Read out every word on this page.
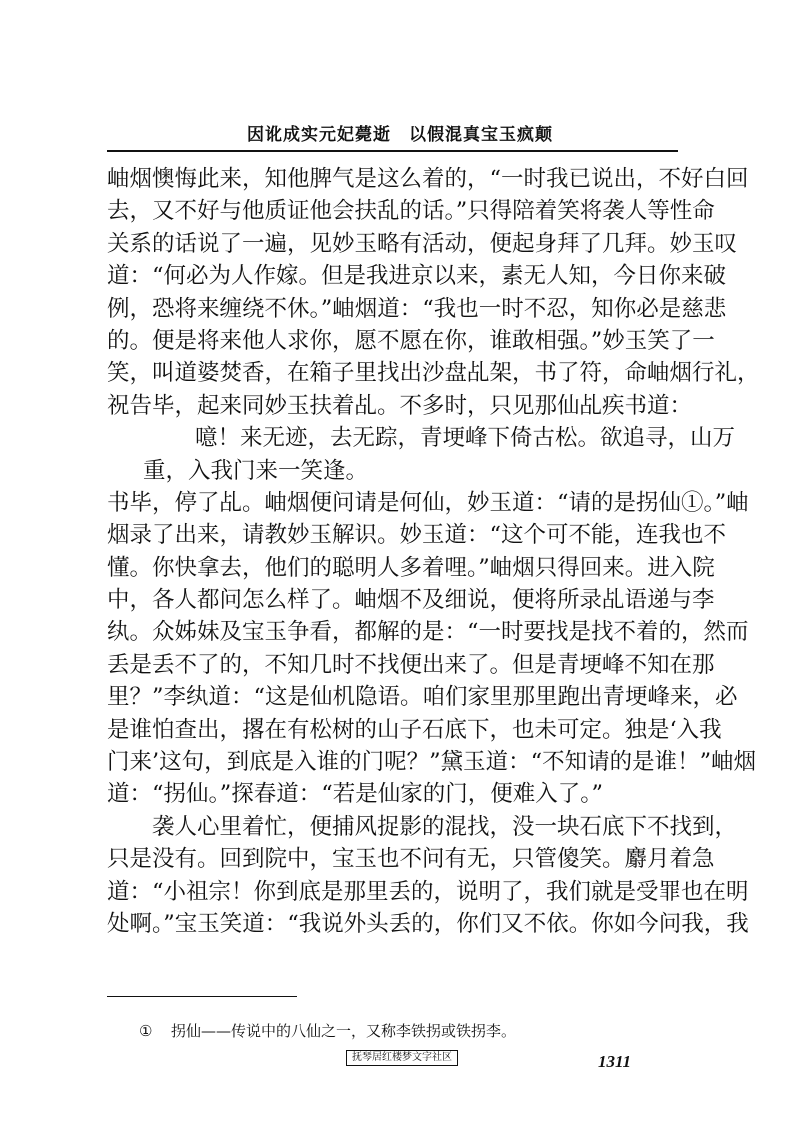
因讹成实元妃薨逝　以假混真宝玉疯颠
岫烟懊悔此来，知他脾气是这么着的，“一时我已说出，不好白回
去，又不好与他质证他会扶乱的话。”只得陪着笑将袭人等性命
关系的话说了一遍，见妙玉略有活动，便起身拜了几拜。妙玉叹
道：“何必为人作嫁。但是我进京以来，素无人知，今日你来破
例，恐将来缠绕不休。”岫烟道：“我也一时不忍，知你必是慈悲
的。便是将来他人求你，愿不愿在你，谁敢相强。”妙玉笑了一
笑，叫道婆焚香，在箱子里找出沙盘乩架，书了符，命岫烟行礼，
祝告毕，起来同妙玉扶着乩。不多时，只见那仙乩疾书道：
噫！来无迹，去无踪，青埂峰下倚古松。欲追寻，山万
重，入我门来一笑逢。
书毕，停了乩。岫烟便问请是何仙，妙玉道：“请的是拐仙①。”岫
烟录了出来，请教妙玉解识。妙玉道：“这个可不能，连我也不
懂。你快拿去，他们的聪明人多着哩。”岫烟只得回来。进入院
中，各人都问怎么样了。岫烟不及细说，便将所录乩语递与李
纨。众姊妹及宝玉争看，都解的是：“一时要找是找不着的，然而
丢是丢不了的，不知几时不找便出来了。但是青埂峰不知在那
里？”李纨道：“这是仙机隐语。咱们家里那里跑出青埂峰来，必
是谁怕查出，撂在有松树的山子石底下，也未可定。独是‘入我
门来’这句，到底是入谁的门呢？”黛玉道：“不知请的是谁！”岫烟
道：“拐仙。”探春道：“若是仙家的门，便难入了。”
　　袭人心里着忙，便捕风捉影的混找，没一块石底下不找到，
只是没有。回到院中，宝玉也不问有无，只管傻笑。麝月着急
道：“小祖宗！你到底是那里丢的，说明了，我们就是受罪也在明
处啊。”宝玉笑道：“我说外头丢的，你们又不依。你如今问我，我
① 拐仙——传说中的八仙之一，又称李铁拐或铁拐李。
抚琴居红楼梦文字社区	1311
